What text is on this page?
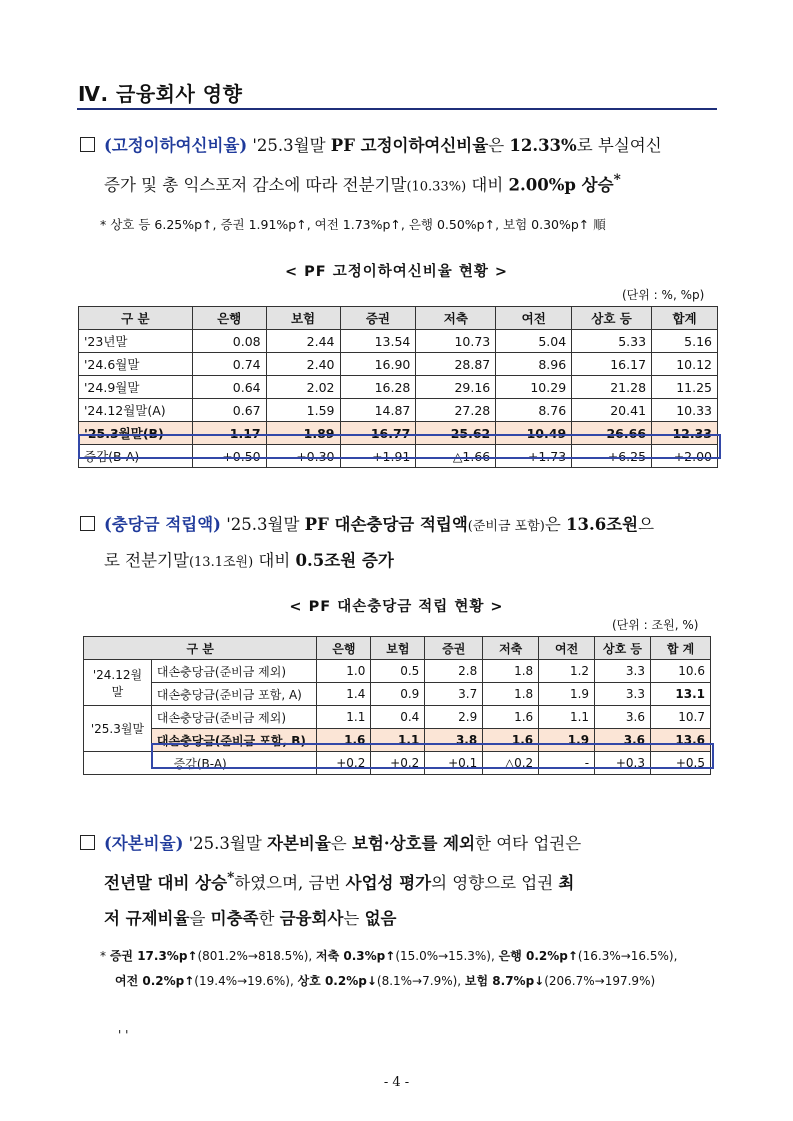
Ⅳ. 금융회사 영향
(고정이하여신비율) '25.3월말 PF 고정이하여신비율은 12.33%로 부실여신
증가 및 총 익스포저 감소에 따라 전분기말(10.33%) 대비 2.00%p 상승*
* 상호 등 6.25%p↑, 증권 1.91%p↑, 여전 1.73%p↑, 은행 0.50%p↑, 보험 0.30%p↑ 順
< PF 고정이하여신비율 현황 >
(단위 : %, %p)
구 분	은행	보험	증권	저축	여전	상호 등	합계
'23년말	0.08	2.44	13.54	10.73	5.04	5.33	5.16
'24.6월말	0.74	2.40	16.90	28.87	8.96	16.17	10.12
'24.9월말	0.64	2.02	16.28	29.16	10.29	21.28	11.25
'24.12월말(A)	0.67	1.59	14.87	27.28	8.76	20.41	10.33
'25.3월말(B)	1.17	1.89	16.77	25.62	10.49	26.66	12.33
증감(B-A)	+0.50	+0.30	+1.91	△1.66	+1.73	+6.25	+2.00
(충당금 적립액) '25.3월말 PF 대손충당금 적립액(준비금 포함)은 13.6조원으
로 전분기말(13.1조원) 대비 0.5조원 증가
< PF 대손충당금 적립 현황 >
(단위 : 조원, %)
구 분		은행	보험	증권	저축	여전	상호 등	합 계
'24.12월말	대손충당금(준비금 제외)	1.0	0.5	2.8	1.8	1.2	3.3	10.6
	대손충당금(준비금 포함, A)	1.4	0.9	3.7	1.8	1.9	3.3	13.1
'25.3월말	대손충당금(준비금 제외)	1.1	0.4	2.9	1.6	1.1	3.6	10.7
	대손충당금(준비금 포함, B)	1.6	1.1	3.8	1.6	1.9	3.6	13.6
증감(B-A)		+0.2	+0.2	+0.1	△0.2	-	+0.3	+0.5
(자본비율) '25.3월말 자본비율은 보험·상호를 제외한 여타 업권은
전년말 대비 상승*하였으며, 금번 사업성 평가의 영향으로 업권 최
저 규제비율을 미충족한 금융회사는 없음
* 증권 17.3%p↑(801.2%→818.5%), 저축 0.3%p↑(15.0%→15.3%), 은행 0.2%p↑(16.3%→16.5%),
여전 0.2%p↑(19.4%→19.6%), 상호 0.2%p↓(8.1%→7.9%), 보험 8.7%p↓(206.7%→197.9%)
' '
- 4 -
